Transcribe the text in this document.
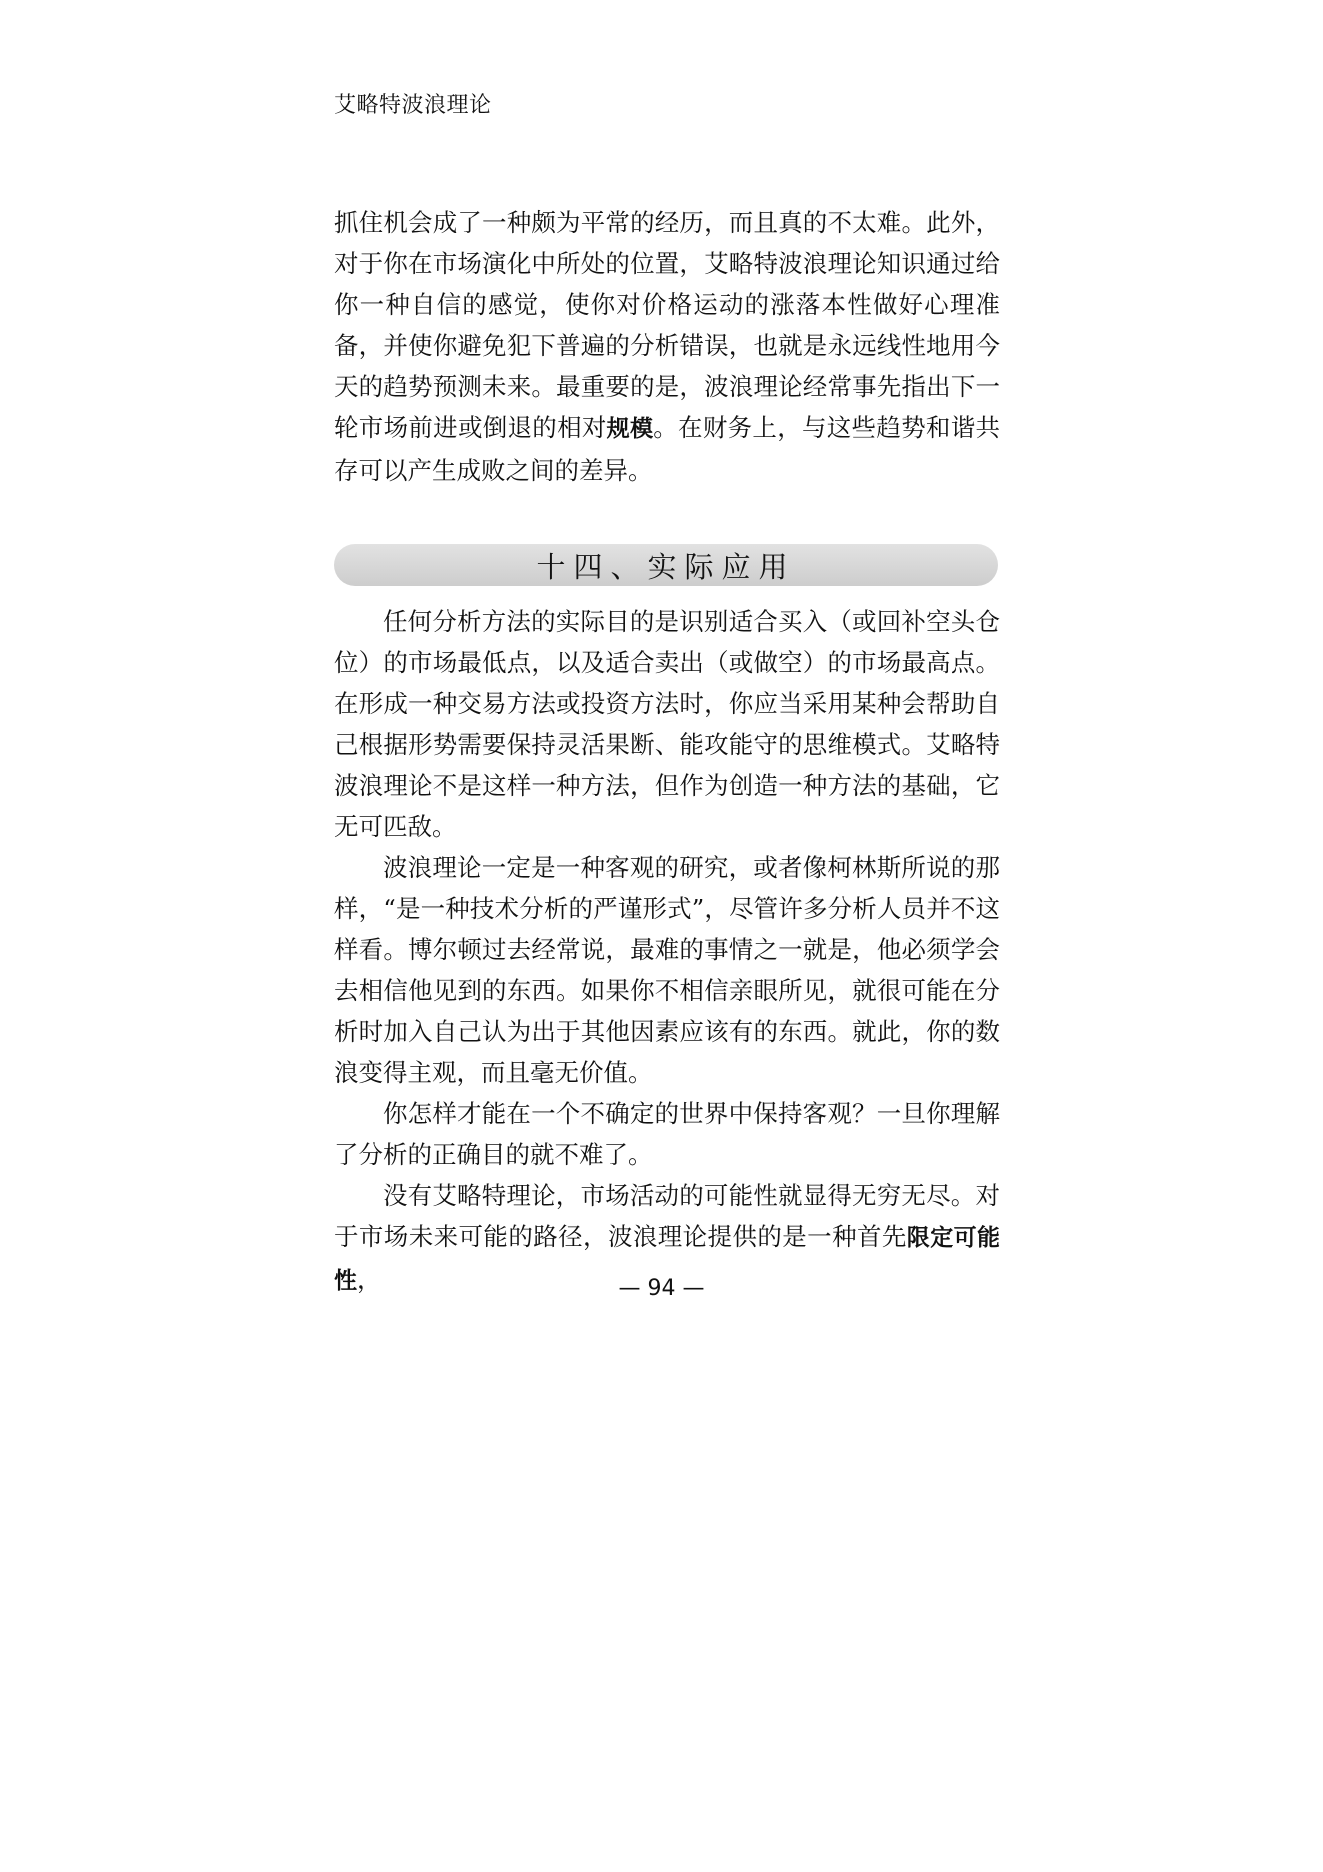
艾略特波浪理论

抓住机会成了一种颇为平常的经历，而且真的不太难。此外，对于你在市场演化中所处的位置，艾略特波浪理论知识通过给你一种自信的感觉，使你对价格运动的涨落本性做好心理准备，并使你避免犯下普遍的分析错误，也就是永远线性地用今天的趋势预测未来。最重要的是，波浪理论经常事先指出下一轮市场前进或倒退的相对规模。在财务上，与这些趋势和谐共存可以产生成败之间的差异。

十四、实际应用

任何分析方法的实际目的是识别适合买入（或回补空头仓位）的市场最低点，以及适合卖出（或做空）的市场最高点。在形成一种交易方法或投资方法时，你应当采用某种会帮助自己根据形势需要保持灵活果断、能攻能守的思维模式。艾略特波浪理论不是这样一种方法，但作为创造一种方法的基础，它无可匹敌。

波浪理论一定是一种客观的研究，或者像柯林斯所说的那样，“是一种技术分析的严谨形式”，尽管许多分析人员并不这样看。博尔顿过去经常说，最难的事情之一就是，他必须学会去相信他见到的东西。如果你不相信亲眼所见，就很可能在分析时加入自己认为出于其他因素应该有的东西。就此，你的数浪变得主观，而且毫无价值。

你怎样才能在一个不确定的世界中保持客观？一旦你理解了分析的正确目的就不难了。

没有艾略特理论，市场活动的可能性就显得无穷无尽。对于市场未来可能的路径，波浪理论提供的是一种首先限定可能性，	— 94 —
